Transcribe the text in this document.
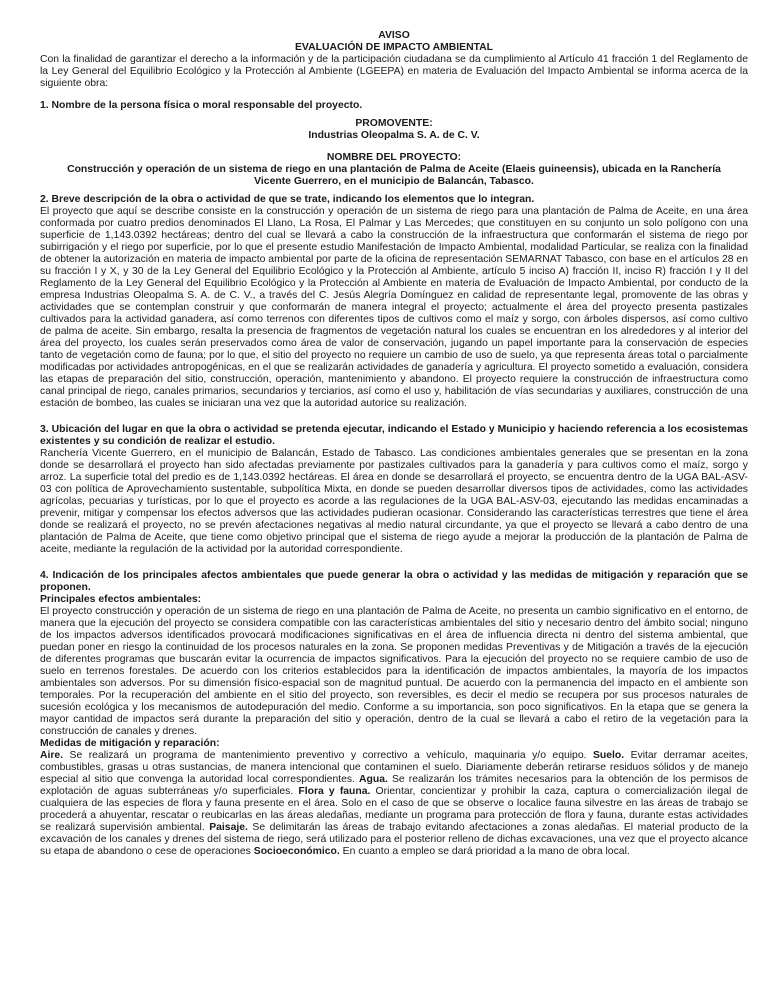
AVISO
EVALUACIÓN DE IMPACTO AMBIENTAL

Con la finalidad de garantizar el derecho a la información y de la participación ciudadana se da cumplimiento al Artículo 41 fracción 1 del Reglamento de la Ley General del Equilibrio Ecológico y la Protección al Ambiente (LGEEPA) en materia de Evaluación del Impacto Ambiental se informa acerca de la siguiente obra:

1. Nombre de la persona física o moral responsable del proyecto.

PROMOVENTE:
Industrias Oleopalma S. A. de C. V.
NOMBRE DEL PROYECTO:
Construcción y operación de un sistema de riego en una plantación de Palma de Aceite (Elaeis guineensis), ubicada en la Ranchería Vicente Guerrero, en el municipio de Balancán, Tabasco.

2. Breve descripción de la obra o actividad de que se trate, indicando los elementos que lo integran.

El proyecto que aquí se describe consiste en la construcción y operación de un sistema de riego para una plantación de Palma de Aceite, en una área conformada por cuatro predios denominados El Llano, La Rosa, El Palmar y Las Mercedes; que constituyen en su conjunto un solo polígono con una superficie de 1,143.0392 hectáreas; dentro del cual se llevará a cabo la construcción de la infraestructura que conformarán el sistema de riego por subirrigación y el riego por superficie, por lo que el presente estudio Manifestación de Impacto Ambiental, modalidad Particular, se realiza con la finalidad de obtener la autorización en materia de impacto ambiental por parte de la oficina de representación SEMARNAT Tabasco, con base en el artículos 28 en su fracción I y X, y 30 de la Ley General del Equilibrio Ecológico y la Protección al Ambiente, artículo 5 inciso A) fracción II, inciso R) fracción I y II del Reglamento de la Ley General del Equilibrio Ecológico y la Protección al Ambiente en materia de Evaluación de Impacto Ambiental, por conducto de la empresa Industrias Oleopalma S. A. de C. V., a través del C. Jesús Alegría Domínguez en calidad de representante legal, promovente de las obras y actividades que se contemplan construir y que conformarán de manera integral el proyecto; actualmente el área del proyecto presenta pastizales cultivados para la actividad ganadera, así como terrenos con diferentes tipos de cultivos como el maíz y sorgo, con árboles dispersos, así como cultivo de palma de aceite. Sin embargo, resalta la presencia de fragmentos de vegetación natural los cuales se encuentran en los alrededores y al interior del área del proyecto, los cuales serán preservados como área de valor de conservación, jugando un papel importante para la conservación de especies tanto de vegetación como de fauna; por lo que, el sitio del proyecto no requiere un cambio de uso de suelo, ya que representa áreas total o parcialmente modificadas por actividades antropogénicas, en el que se realizarán actividades de ganadería y agricultura. El proyecto sometido a evaluación, considera las etapas de preparación del sitio, construcción, operación, mantenimiento y abandono. El proyecto requiere la construcción de infraestructura como canal principal de riego, canales primarios, secundarios y terciarios, así como el uso y, habilitación de vías secundarias y auxiliares, construcción de una estación de bombeo, las cuales se iniciaran una vez que la autoridad autorice su realización.

3. Ubicación del lugar en que la obra o actividad se pretenda ejecutar, indicando el Estado y Municipio y haciendo referencia a los ecosistemas existentes y su condición de realizar el estudio.

Ranchería Vicente Guerrero, en el municipio de Balancán, Estado de Tabasco. Las condiciones ambientales generales que se presentan en la zona donde se desarrollará el proyecto han sido afectadas previamente por pastizales cultivados para la ganadería y para cultivos como el maíz, sorgo y arroz. La superficie total del predio es de 1,143.0392 hectáreas. El área en donde se desarrollará el proyecto, se encuentra dentro de la UGA BAL-ASV-03 con política de Aprovechamiento sustentable, subpolítica Mixta, en donde se pueden desarrollar diversos tipos de actividades, como las actividades agrícolas, pecuarias y turísticas, por lo que el proyecto es acorde a las regulaciones de la UGA BAL-ASV-03, ejecutando las medidas encaminadas a prevenir, mitigar y compensar los efectos adversos que las actividades pudieran ocasionar. Considerando las características terrestres que tiene el área donde se realizará el proyecto, no se prevén afectaciones negativas al medio natural circundante, ya que el proyecto se llevará a cabo dentro de una plantación de Palma de Aceite, que tiene como objetivo principal que el sistema de riego ayude a mejorar la producción de la plantación de Palma de aceite, mediante la regulación de la actividad por la autoridad correspondiente.

4. Indicación de los principales afectos ambientales que puede generar la obra o actividad y las medidas de mitigación y reparación que se proponen.

Principales efectos ambientales:

El proyecto construcción y operación de un sistema de riego en una plantación de Palma de Aceite, no presenta un cambio significativo en el entorno, de manera que la ejecución del proyecto se considera compatible con las características ambientales del sitio y necesario dentro del ámbito social; ninguno de los impactos adversos identificados provocará modificaciones significativas en el área de influencia directa ni dentro del sistema ambiental, que puedan poner en riesgo la continuidad de los procesos naturales en la zona. Se proponen medidas Preventivas y de Mitigación a través de la ejecución de diferentes programas que buscarán evitar la ocurrencia de impactos significativos. Para la ejecución del proyecto no se requiere cambio de uso de suelo en terrenos forestales. De acuerdo con los criterios establecidos para la identificación de impactos ambientales, la mayoría de los impactos ambientales son adversos. Por su dimensión físico-espacial son de magnitud puntual. De acuerdo con la permanencia del impacto en el ambiente son temporales. Por la recuperación del ambiente en el sitio del proyecto, son reversibles, es decir el medio se recupera por sus procesos naturales de sucesión ecológica y los mecanismos de autodepuración del medio. Conforme a su importancia, son poco significativos. En la etapa que se genera la mayor cantidad de impactos será durante la preparación del sitio y operación, dentro de la cual se llevará a cabo el retiro de la vegetación para la construcción de canales y drenes.

Medidas de mitigación y reparación:

Aire. Se realizará un programa de mantenimiento preventivo y correctivo a vehículo, maquinaria y/o equipo. Suelo. Evitar derramar aceites, combustibles, grasas u otras sustancias, de manera intencional que contaminen el suelo. Diariamente deberán retirarse residuos sólidos y de manejo especial al sitio que convenga la autoridad local correspondientes. Agua. Se realizarán los trámites necesarios para la obtención de los permisos de explotación de aguas subterráneas y/o superficiales. Flora y fauna. Orientar, concientizar y prohibir la caza, captura o comercialización ilegal de cualquiera de las especies de flora y fauna presente en el área. Solo en el caso de que se observe o localice fauna silvestre en las áreas de trabajo se procederá a ahuyentar, rescatar o reubicarlas en las áreas aledañas, mediante un programa para protección de flora y fauna, durante estas actividades se realizará supervisión ambiental. Paisaje. Se delimitarán las áreas de trabajo evitando afectaciones a zonas aledañas. El material producto de la excavación de los canales y drenes del sistema de riego, será utilizado para el posterior relleno de dichas excavaciones, una vez que el proyecto alcance su etapa de abandono o cese de operaciones Socioeconómico. En cuanto a empleo se dará prioridad a la mano de obra local.
